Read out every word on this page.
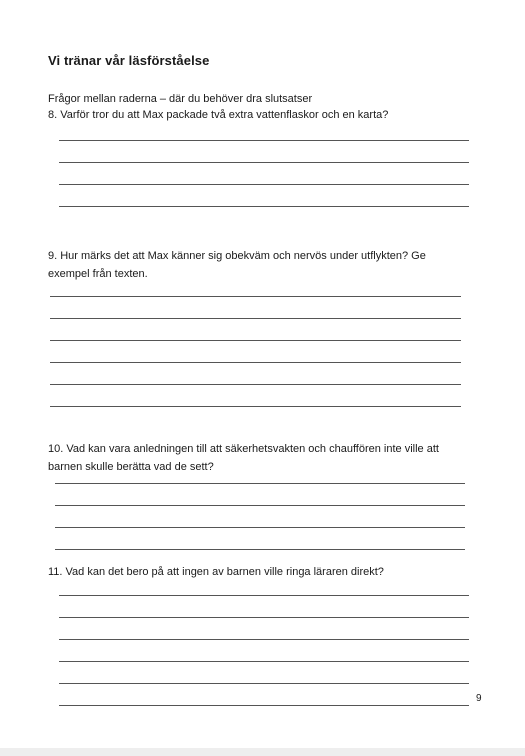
Vi tränar vår läsförståelse
Frågor mellan raderna – där du behöver dra slutsatser
8. Varför tror du att Max packade två extra vattenflaskor och en karta?
9. Hur märks det att Max känner sig obekväm och nervös under utflykten? Ge
exempel från texten.
10. Vad kan vara anledningen till att säkerhetsvakten och chauffören inte ville att
barnen skulle berätta vad de sett?
11. Vad kan det bero på att ingen av barnen ville ringa läraren direkt?
9
